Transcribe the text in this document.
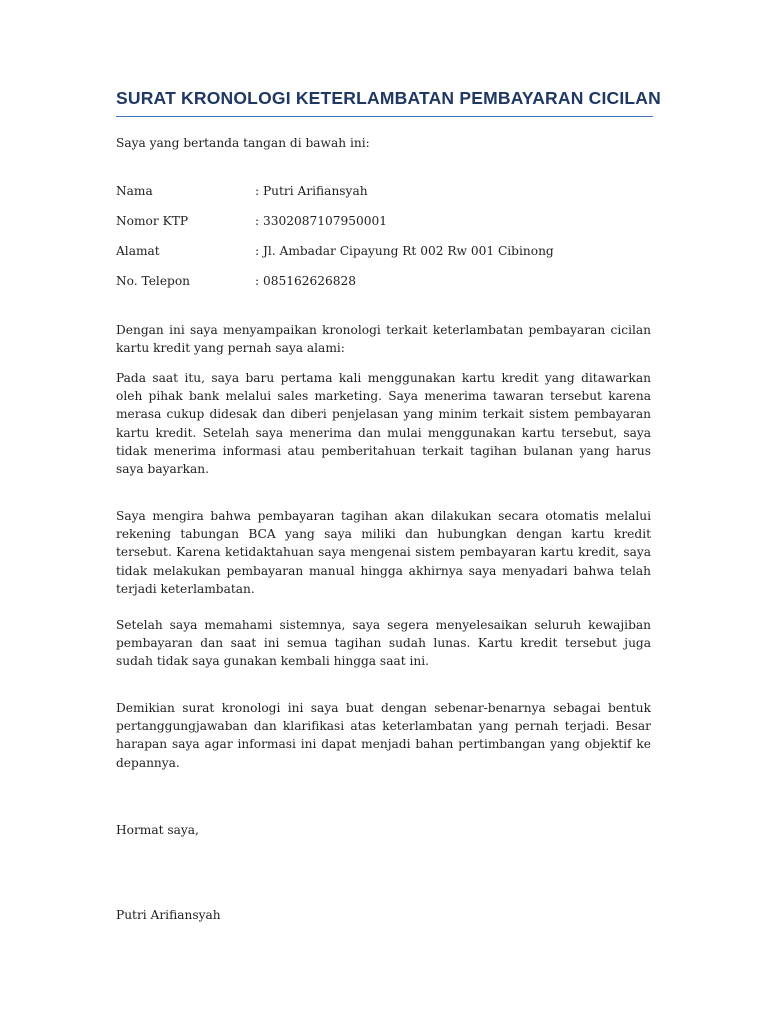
SURAT KRONOLOGI KETERLAMBATAN PEMBAYARAN CICILAN

Saya yang bertanda tangan di bawah ini:

Nama	: Putri Arifiansyah
Nomor KTP	: 3302087107950001
Alamat	: Jl. Ambadar Cipayung Rt 002 Rw 001 Cibinong
No. Telepon	: 085162626828

Dengan ini saya menyampaikan kronologi terkait keterlambatan pembayaran cicilan kartu kredit yang pernah saya alami:

Pada saat itu, saya baru pertama kali menggunakan kartu kredit yang ditawarkan oleh pihak bank melalui sales marketing. Saya menerima tawaran tersebut karena merasa cukup didesak dan diberi penjelasan yang minim terkait sistem pembayaran kartu kredit. Setelah saya menerima dan mulai menggunakan kartu tersebut, saya tidak menerima informasi atau pemberitahuan terkait tagihan bulanan yang harus saya bayarkan.

Saya mengira bahwa pembayaran tagihan akan dilakukan secara otomatis melalui rekening tabungan BCA yang saya miliki dan hubungkan dengan kartu kredit tersebut. Karena ketidaktahuan saya mengenai sistem pembayaran kartu kredit, saya tidak melakukan pembayaran manual hingga akhirnya saya menyadari bahwa telah terjadi keterlambatan.

Setelah saya memahami sistemnya, saya segera menyelesaikan seluruh kewajiban pembayaran dan saat ini semua tagihan sudah lunas. Kartu kredit tersebut juga sudah tidak saya gunakan kembali hingga saat ini.

Demikian surat kronologi ini saya buat dengan sebenar-benarnya sebagai bentuk pertanggungjawaban dan klarifikasi atas keterlambatan yang pernah terjadi. Besar harapan saya agar informasi ini dapat menjadi bahan pertimbangan yang objektif ke depannya.

Hormat saya,

Putri Arifiansyah
